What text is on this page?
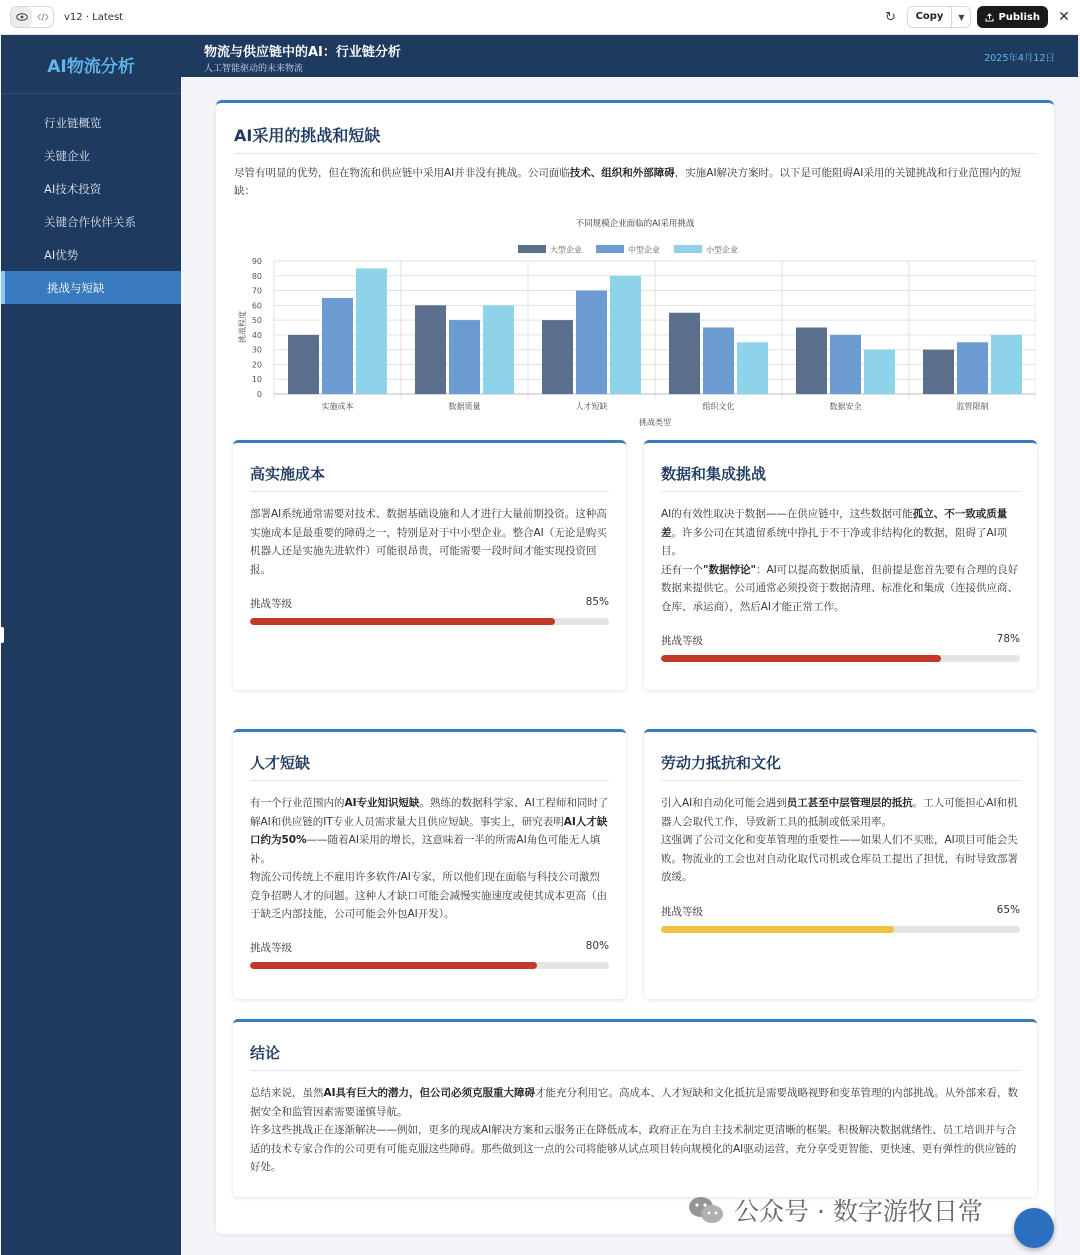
v12 · Latest	↻	Copy	▼	Publish ✕
AI物流分析
行业链概览
关键企业
AI技术投资
关键合作伙伴关系
AI优势
挑战与短缺
物流与供应链中的AI：行业链分析
人工智能驱动的未来物流
2025年4月12日
AI采用的挑战和短缺

尽管有明显的优势，但在物流和供应链中采用AI并非没有挑战。公司面临技术、组织和外部障碍，实施AI解决方案时。以下是可能阻碍AI采用的关键挑战和行业范围内的短缺：

不同规模企业面临的AI采用挑战
大型企业	中型企业	小型企业
0
10
20
30
40
50
60
70
80
90
实施成本	数据质量	人才短缺	组织文化	数据安全	监管限制
挑战类型
挑战程度
高实施成本

部署AI系统通常需要对技术、数据基础设施和人才进行大量前期投资。这种高实施成本是最重要的障碍之一，特别是对于中小型企业。整合AI（无论是购买机器人还是实施先进软件）可能很昂贵，可能需要一段时间才能实现投资回报。

挑战等级	85%
数据和集成挑战

AI的有效性取决于数据——在供应链中，这些数据可能孤立、不一致或质量差。许多公司在其遗留系统中挣扎于不干净或非结构化的数据，阻碍了AI项目。

还有一个"数据悖论"：AI可以提高数据质量，但前提是您首先要有合理的良好数据来提供它。公司通常必须投资于数据清理、标准化和集成（连接供应商、仓库、承运商），然后AI才能正常工作。

挑战等级	78%
人才短缺

有一个行业范围内的AI专业知识短缺。熟练的数据科学家、AI工程师和同时了解AI和供应链的IT专业人员需求量大且供应短缺。事实上，研究表明AI人才缺口约为50%——随着AI采用的增长，这意味着一半的所需AI角色可能无人填补。

物流公司传统上不雇用许多软件/AI专家，所以他们现在面临与科技公司激烈竞争招聘人才的问题。这种人才缺口可能会减慢实施速度或使其成本更高（由于缺乏内部技能，公司可能会外包AI开发）。

挑战等级	80%
劳动力抵抗和文化

引入AI和自动化可能会遇到员工甚至中层管理层的抵抗。工人可能担心AI和机器人会取代工作，导致新工具的抵制或低采用率。

这强调了公司文化和变革管理的重要性——如果人们不买账，AI项目可能会失败。物流业的工会也对自动化取代司机或仓库员工提出了担忧，有时导致部署放缓。

挑战等级	65%
结论

总结来说，虽然AI具有巨大的潜力，但公司必须克服重大障碍才能充分利用它。高成本、人才短缺和文化抵抗是需要战略视野和变革管理的内部挑战。从外部来看，数据安全和监管因素需要谨慎导航。

许多这些挑战正在逐渐解决——例如，更多的现成AI解决方案和云服务正在降低成本，政府正在为自主技术制定更清晰的框架。积极解决数据就绪性、员工培训并与合适的技术专家合作的公司更有可能克服这些障碍。那些做到这一点的公司将能够从试点项目转向规模化的AI驱动运营，充分享受更智能、更快速、更有弹性的供应链的好处。

公众号 · 数字游牧日常
